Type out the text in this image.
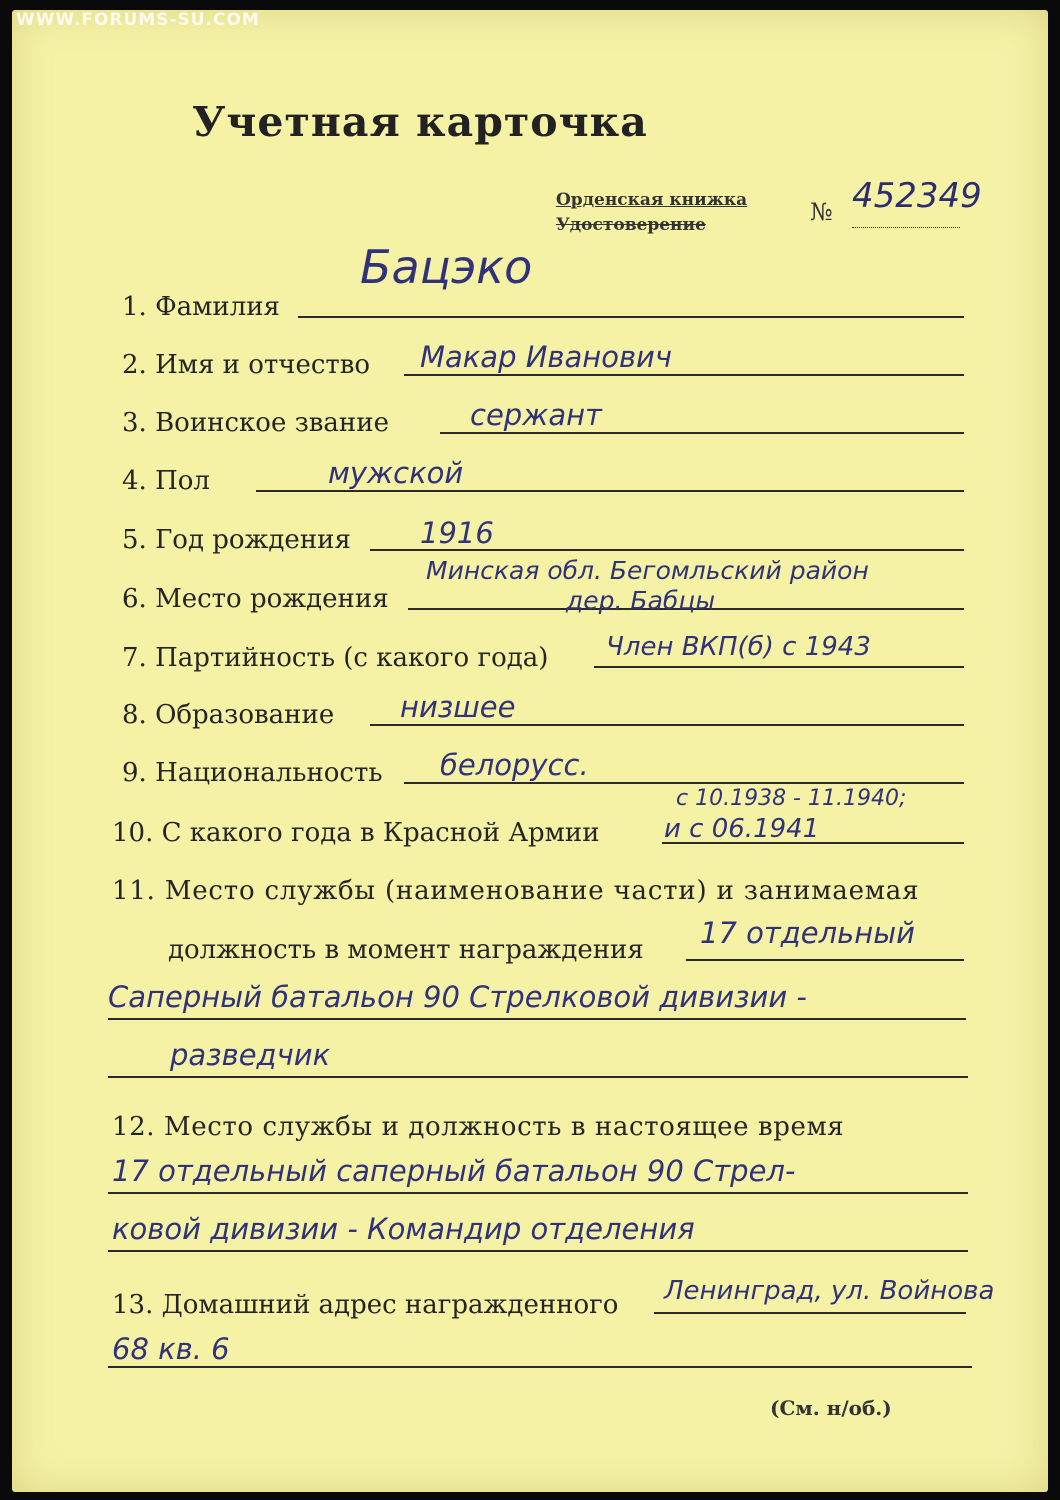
WWW.FORUMS-SU.COM
Учетная карточка
Орденская книжка
Удостоверение	№ 452349
1. Фамилия
Бацэко
2. Имя и отчество Макар Иванович
3. Воинское звание	сержант
4. Пол	мужской
5. Год рождения 1916
6. Место рождения
Минская обл. Бегомльский район
дер. Бабцы
7. Партийность (с какого года) Член ВКП(б) с 1943
8. Образование низшее
9. Национальность белорусс.
10. С какого года в Красной Армии
с 10.1938 - 11.1940;
и с 06.1941
11. Место службы (наименование части) и занимаемая
должность в момент награждения 17 отдельный
Саперный батальон 90 Стрелковой дивизии -
разведчик
12. Место службы и должность в настоящее время
17 отдельный саперный батальон 90 Стрел-
ковой дивизии - Командир отделения
13. Домашний адрес награжденного Ленинград, ул. Войнова
68 кв. 6
(См. н/об.)
